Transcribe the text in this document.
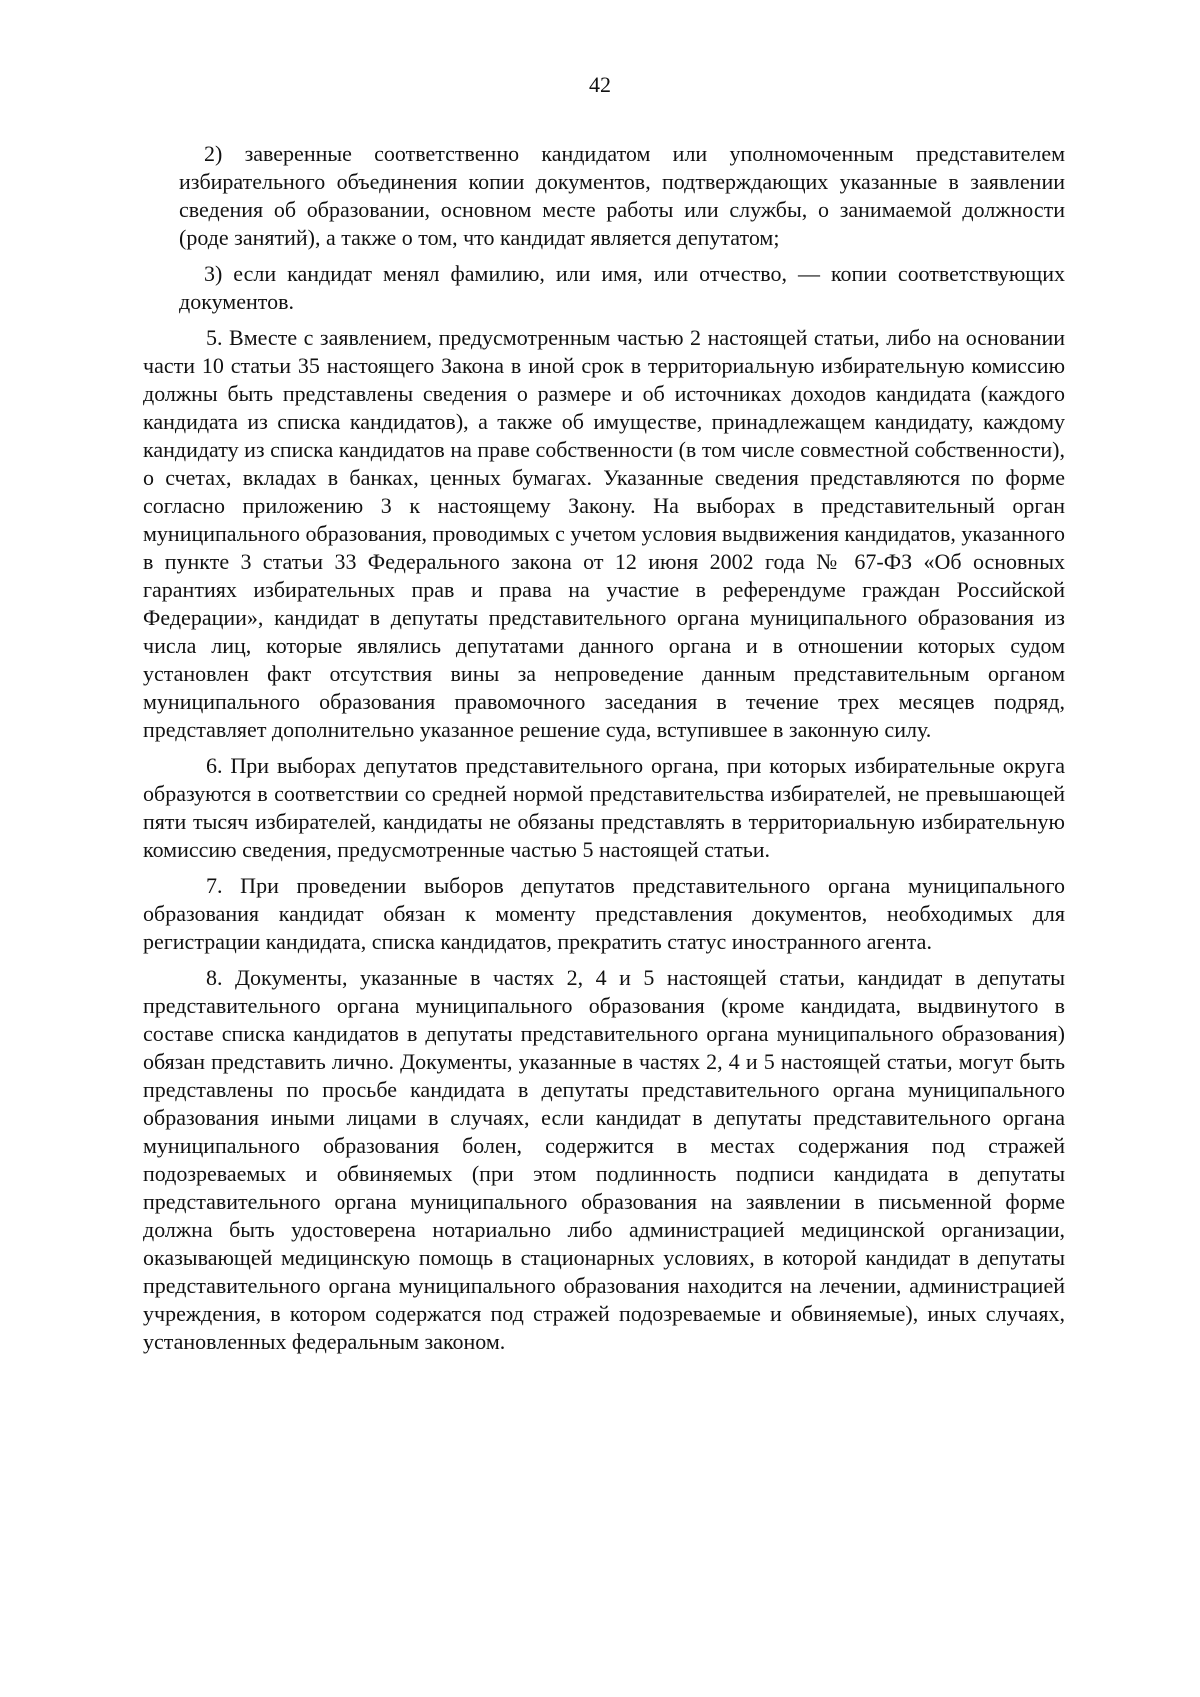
42

2) заверенные соответственно кандидатом или уполномоченным представителем избирательного объединения копии документов, подтверждающих указанные в заявлении сведения об образовании, основном месте работы или службы, о занимаемой должности (роде занятий), а также о том, что кандидат является депутатом;

3) если кандидат менял фамилию, или имя, или отчество, — копии соответствующих документов.

5. Вместе с заявлением, предусмотренным частью 2 настоящей статьи, либо на основании части 10 статьи 35 настоящего Закона в иной срок в территориальную избирательную комиссию должны быть представлены сведения о размере и об источниках доходов кандидата (каждого кандидата из списка кандидатов), а также об имуществе, принадлежащем кандидату, каждому кандидату из списка кандидатов на праве собственности (в том числе совместной собственности), о счетах, вкладах в банках, ценных бумагах. Указанные сведения представляются по форме согласно приложению 3 к настоящему Закону. На выборах в представительный орган муниципального образования, проводимых с учетом условия выдвижения кандидатов, указанного в пункте 3 статьи 33 Федерального закона от 12 июня 2002 года № 67-ФЗ «Об основных гарантиях избирательных прав и права на участие в референдуме граждан Российской Федерации», кандидат в депутаты представительного органа муниципального образования из числа лиц, которые являлись депутатами данного органа и в отношении которых судом установлен факт отсутствия вины за непроведение данным представительным органом муниципального образования правомочного заседания в течение трех месяцев подряд, представляет дополнительно указанное решение суда, вступившее в законную силу.

6. При выборах депутатов представительного органа, при которых избирательные округа образуются в соответствии со средней нормой представительства избирателей, не превышающей пяти тысяч избирателей, кандидаты не обязаны представлять в территориальную избирательную комиссию сведения, предусмотренные частью 5 настоящей статьи.

7. При проведении выборов депутатов представительного органа муниципального образования кандидат обязан к моменту представления документов, необходимых для регистрации кандидата, списка кандидатов, прекратить статус иностранного агента.

8. Документы, указанные в частях 2, 4 и 5 настоящей статьи, кандидат в депутаты представительного органа муниципального образования (кроме кандидата, выдвинутого в составе списка кандидатов в депутаты представительного органа муниципального образования) обязан представить лично. Документы, указанные в частях 2, 4 и 5 настоящей статьи, могут быть представлены по просьбе кандидата в депутаты представительного органа муниципального образования иными лицами в случаях, если кандидат в депутаты представительного органа муниципального образования болен, содержится в местах содержания под стражей подозреваемых и обвиняемых (при этом подлинность подписи кандидата в депутаты представительного органа муниципального образования на заявлении в письменной форме должна быть удостоверена нотариально либо администрацией медицинской организации, оказывающей медицинскую помощь в стационарных условиях, в которой кандидат в депутаты представительного органа муниципального образования находится на лечении, администрацией учреждения, в котором содержатся под стражей подозреваемые и обвиняемые), иных случаях, установленных федеральным законом.
